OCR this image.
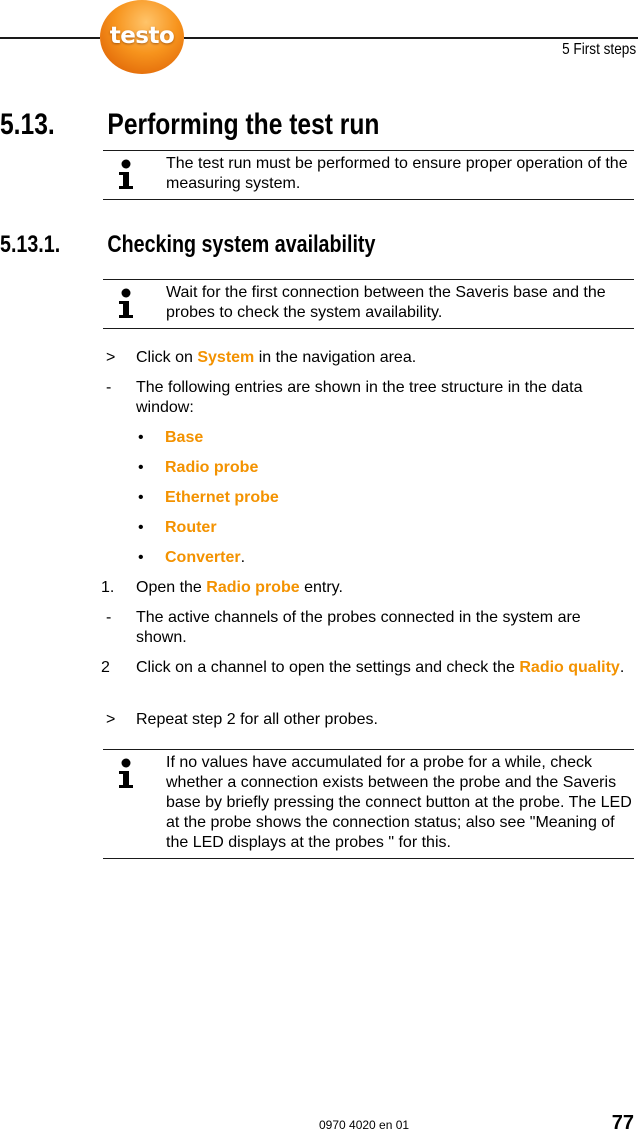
testo
5 First steps
5.13. Performing the test run
The test run must be performed to ensure proper operation of the measuring system.
5.13.1. Checking system availability
Wait for the first connection between the Saveris base and the probes to check the system availability.
> Click on System in the navigation area.
- The following entries are shown in the tree structure in the data window:
• Base
• Radio probe
• Ethernet probe
• Router
• Converter.
1. Open the Radio probe entry.
- The active channels of the probes connected in the system are shown.
2 Click on a channel to open the settings and check the Radio quality.
> Repeat step 2 for all other probes.
If no values have accumulated for a probe for a while, check whether a connection exists between the probe and the Saveris base by briefly pressing the connect button at the probe. The LED at the probe shows the connection status; also see "Meaning of the LED displays at the probes " for this.
0970 4020 en 01	77
